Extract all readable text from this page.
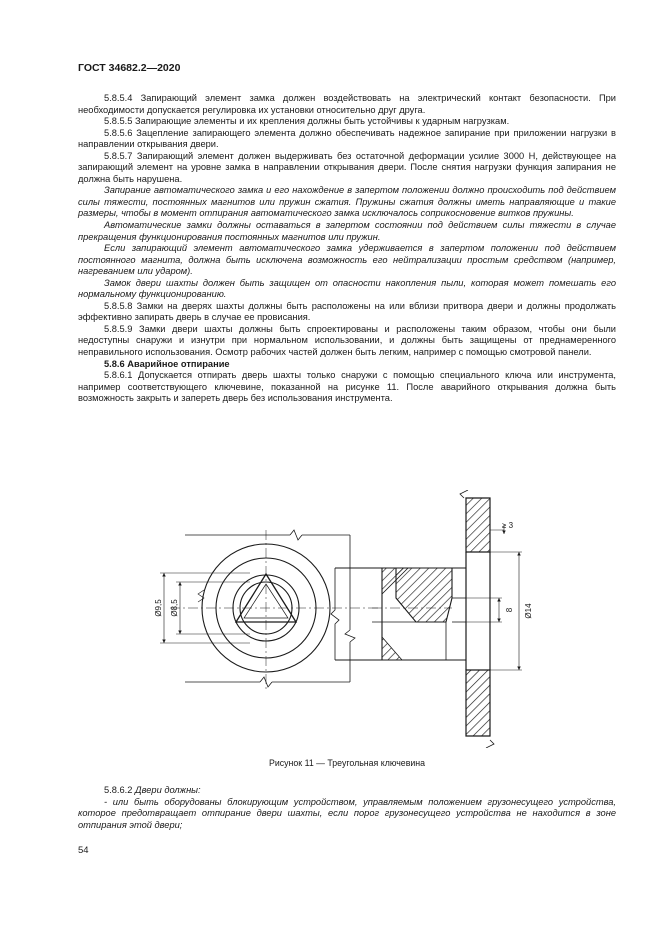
ГОСТ 34682.2—2020

5.8.5.4 Запирающий элемент замка должен воздействовать на электрический контакт безопасности. При необходимости допускается регулировка их установки относительно друг друга.

5.8.5.5 Запирающие элементы и их крепления должны быть устойчивы к ударным нагрузкам.

5.8.5.6 Зацепление запирающего элемента должно обеспечивать надежное запирание при приложении нагрузки в направлении открывания двери.

5.8.5.7 Запирающий элемент должен выдерживать без остаточной деформации усилие 3000 Н, действующее на запирающий элемент на уровне замка в направлении открывания двери. После снятия нагрузки функция запирания не должна быть нарушена.

Запирание автоматического замка и его нахождение в запертом положении должно происходить под действием силы тяжести, постоянных магнитов или пружин сжатия. Пружины сжатия должны иметь направляющие и такие размеры, чтобы в момент отпирания автоматического замка исключалось соприкосновение витков пружины.

Автоматические замки должны оставаться в запертом состоянии под действием силы тяжести в случае прекращения функционирования постоянных магнитов или пружин.

Если запирающий элемент автоматического замка удерживается в запертом положении под действием постоянного магнита, должна быть исключена возможность его нейтрализации простым средством (например, нагреванием или ударом).

Замок двери шахты должен быть защищен от опасности накопления пыли, которая может помешать его нормальному функционированию.

5.8.5.8 Замки на дверях шахты должны быть расположены на или вблизи притвора двери и должны продолжать эффективно запирать дверь в случае ее провисания.

5.8.5.9 Замки двери шахты должны быть спроектированы и расположены таким образом, чтобы они были недоступны снаружи и изнутри при нормальном использовании, и должны быть защищены от преднамеренного неправильного использования. Осмотр рабочих частей должен быть легким, например с помощью смотровой панели.

5.8.6 Аварийное отпирание

5.8.6.1 Допускается отпирать дверь шахты только снаружи с помощью специального ключа или инструмента, например соответствующего ключевине, показанной на рисунке 11. После аварийного открывания должна быть возможность закрыть и запереть дверь без использования инструмента.

Ø9,5 Ø8,5
≥ 3
8 Ø14
Рисунок 11 — Треугольная ключевина

5.8.6.2 Двери должны:

- или быть оборудованы блокирующим устройством, управляемым положением грузонесущего устройства, которое предотвращает отпирание двери шахты, если порог грузонесущего устройства не находится в зоне отпирания этой двери;

54
